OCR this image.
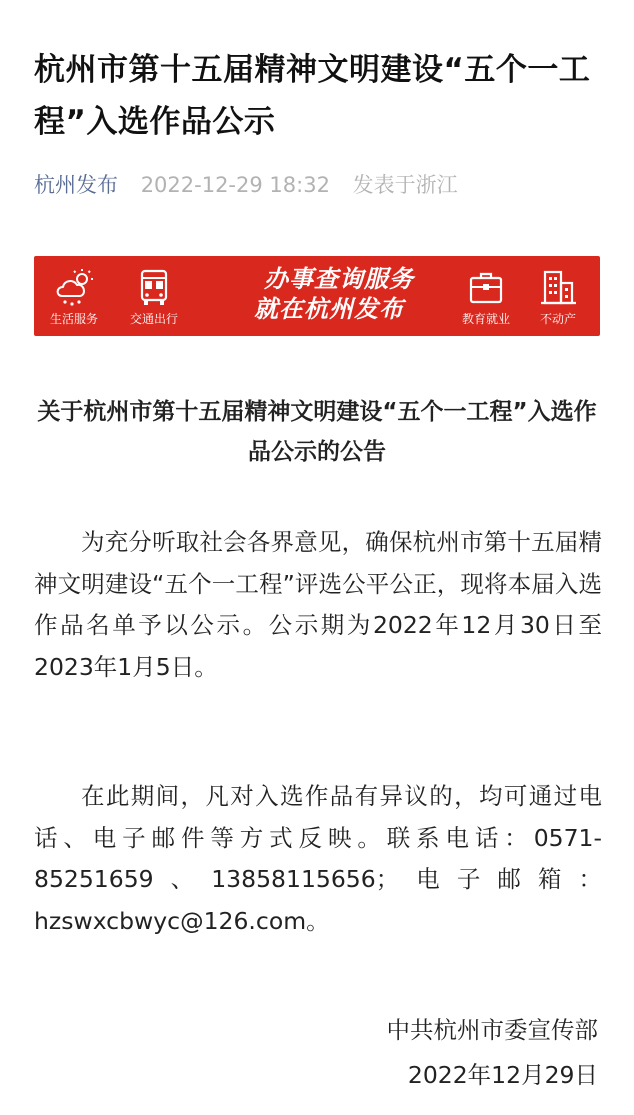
杭州市第十五届精神文明建设“五个一工程”入选作品公示
杭州发布 2022-12-29 18:32 发表于浙江
生活服务	交通出行
办事查询服务
就在杭州发布	教育就业	不动产
关于杭州市第十五届精神文明建设“五个一工程”入选作品公示的公告

为充分听取社会各界意见，确保杭州市第十五届精神文明建设“五个一工程”评选公平公正，现将本届入选作品名单予以公示。公示期为2022年12月30日至2023年1月5日。

在此期间，凡对入选作品有异议的，均可通过电话、电子邮件等方式反映。联系电话：0571-85251659、13858115656；电子邮箱：hzswxcbwyc@126.com。

中共杭州市委宣传部

2022年12月29日
